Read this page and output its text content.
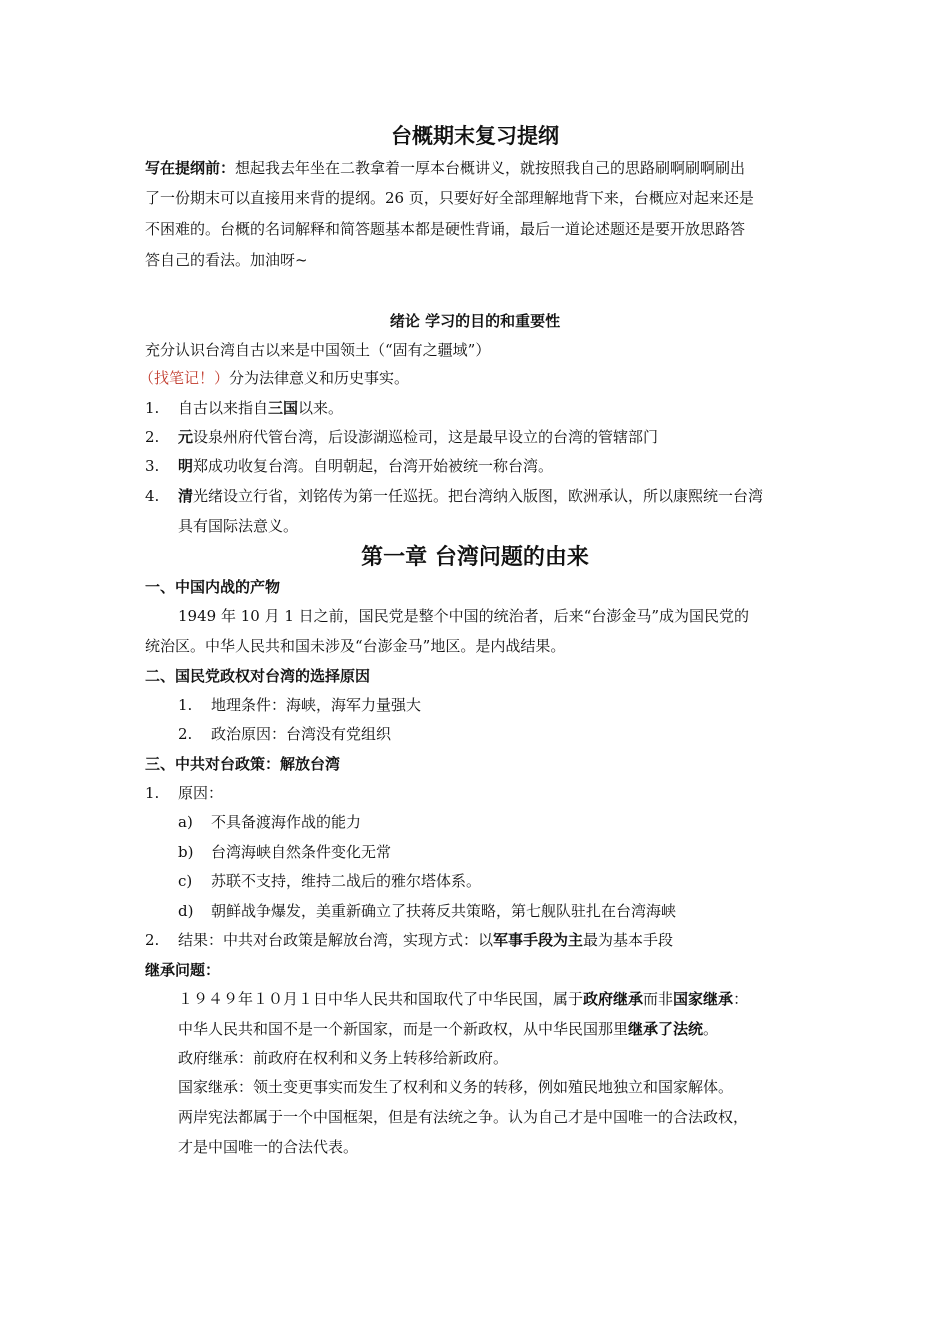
台概期末复习提纲
写在提纲前：想起我去年坐在二教拿着一厚本台概讲义，就按照我自己的思路刷啊刷啊刷出
了一份期末可以直接用来背的提纲。26 页，只要好好全部理解地背下来，台概应对起来还是
不困难的。台概的名词解释和简答题基本都是硬性背诵，最后一道论述题还是要开放思路答
答自己的看法。加油呀~
绪论 学习的目的和重要性
充分认识台湾自古以来是中国领土（“固有之疆域”）
（找笔记！）分为法律意义和历史事实。
1. 自古以来指自三国以来。
2. 元设泉州府代管台湾，后设澎湖巡检司，这是最早设立的台湾的管辖部门
3. 明郑成功收复台湾。自明朝起，台湾开始被统一称台湾。
4. 清光绪设立行省，刘铭传为第一任巡抚。把台湾纳入版图，欧洲承认，所以康熙统一台湾
具有国际法意义。
第一章 台湾问题的由来
一、中国内战的产物
1949 年 10 月 1 日之前，国民党是整个中国的统治者，后来“台澎金马”成为国民党的
统治区。中华人民共和国未涉及“台澎金马”地区。是内战结果。
二、国民党政权对台湾的选择原因
1. 地理条件：海峡，海军力量强大
2. 政治原因：台湾没有党组织
三、中共对台政策：解放台湾
1. 原因：
a) 不具备渡海作战的能力
b) 台湾海峡自然条件变化无常
c) 苏联不支持，维持二战后的雅尔塔体系。
d) 朝鲜战争爆发，美重新确立了扶蒋反共策略，第七舰队驻扎在台湾海峡
2. 结果：中共对台政策是解放台湾，实现方式：以军事手段为主最为基本手段
继承问题：
１９４９年１０月１日中华人民共和国取代了中华民国，属于政府继承而非国家继承：
中华人民共和国不是一个新国家，而是一个新政权，从中华民国那里继承了法统。
政府继承：前政府在权利和义务上转移给新政府。
国家继承：领土变更事实而发生了权利和义务的转移，例如殖民地独立和国家解体。
两岸宪法都属于一个中国框架，但是有法统之争。认为自己才是中国唯一的合法政权，
才是中国唯一的合法代表。
